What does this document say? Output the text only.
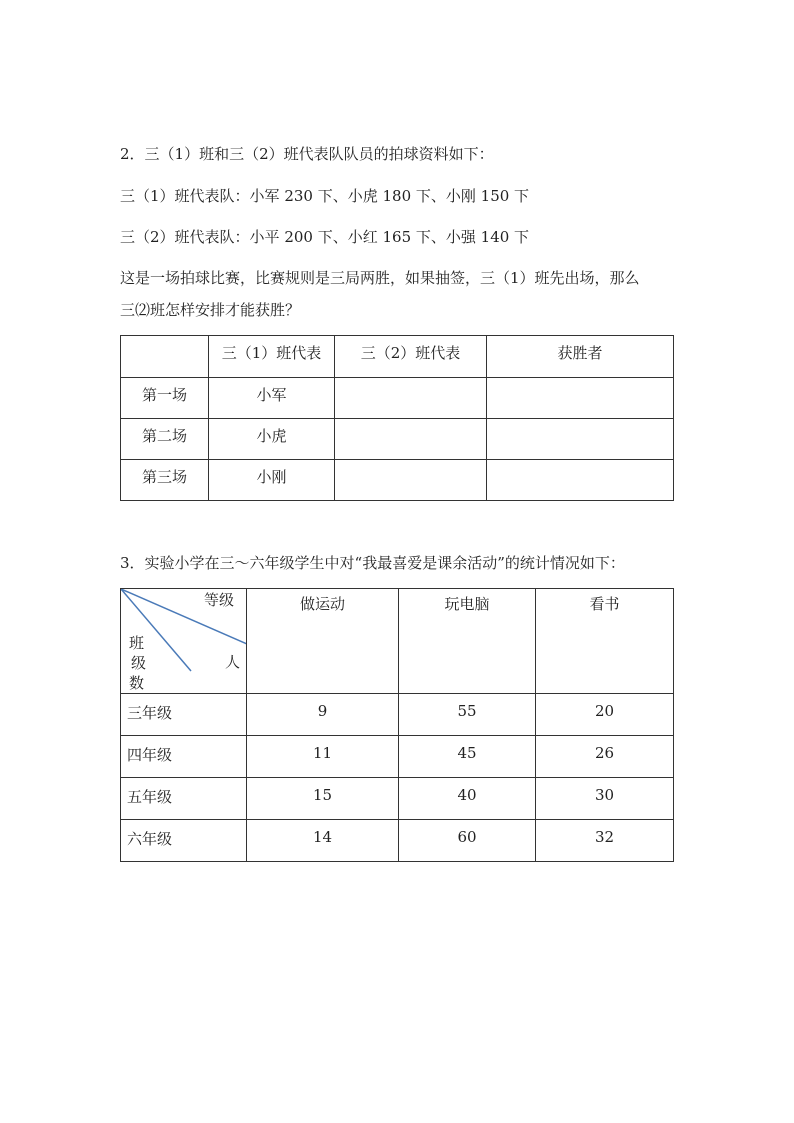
2．三（1）班和三（2）班代表队队员的拍球资料如下：
三（1）班代表队：小军 230 下、小虎 180 下、小刚 150 下
三（2）班代表队：小平 200 下、小红 165 下、小强 140 下
这是一场拍球比赛，比赛规则是三局两胜，如果抽签，三（1）班先出场，那么
三⑵班怎样安排才能获胜？
	三（1）班代表	三（2）班代表	获胜者
第一场	小军		
第二场	小虎		
第三场	小刚		
3．实验小学在三～六年级学生中对“我最喜爱是课余活动”的统计情况如下：
等级
班
级
数
人	做运动	玩电脑	看书
三年级	9	55	20
四年级	11	45	26
五年级	15	40	30
六年级	14	60	32
